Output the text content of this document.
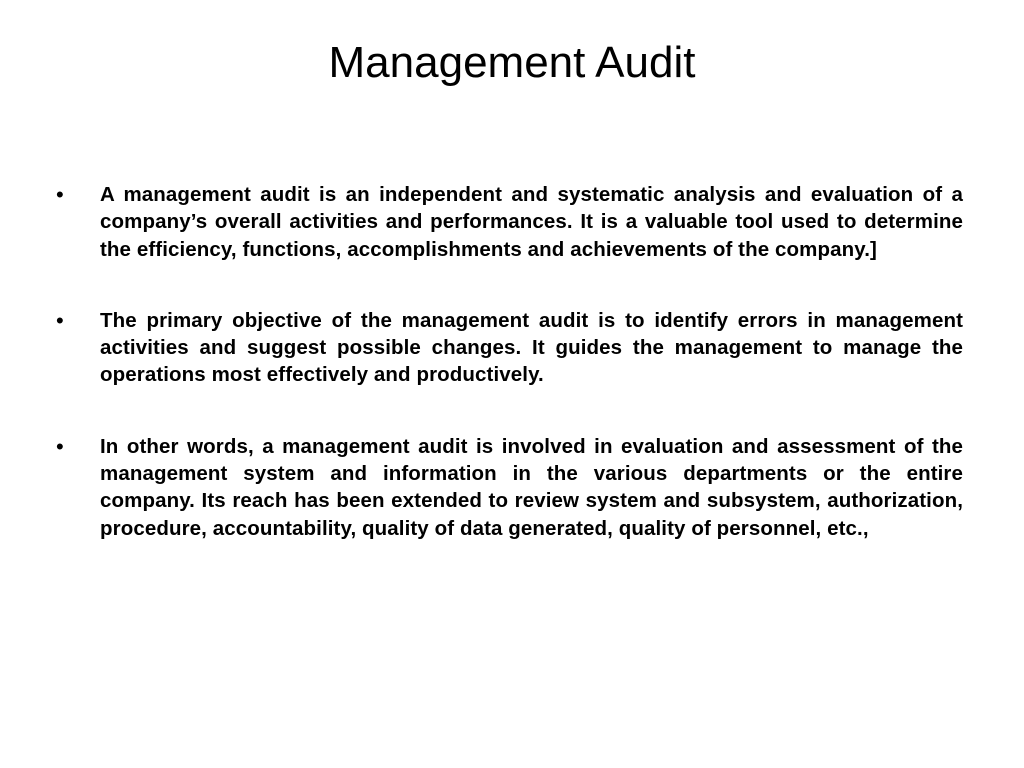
Management Audit
• A management audit is an independent and systematic analysis and evaluation of a company’s overall activities and performances. It is a valuable tool used to determine the efficiency, functions, accomplishments and achievements of the company.]
• The primary objective of the management audit is to identify errors in management activities and suggest possible changes. It guides the management to manage the operations most effectively and productively.
• In other words, a management audit is involved in evaluation and assessment of the management system and information in the various departments or the entire company. Its reach has been extended to review system and subsystem, authorization, procedure, accountability, quality of data generated, quality of personnel, etc.,
